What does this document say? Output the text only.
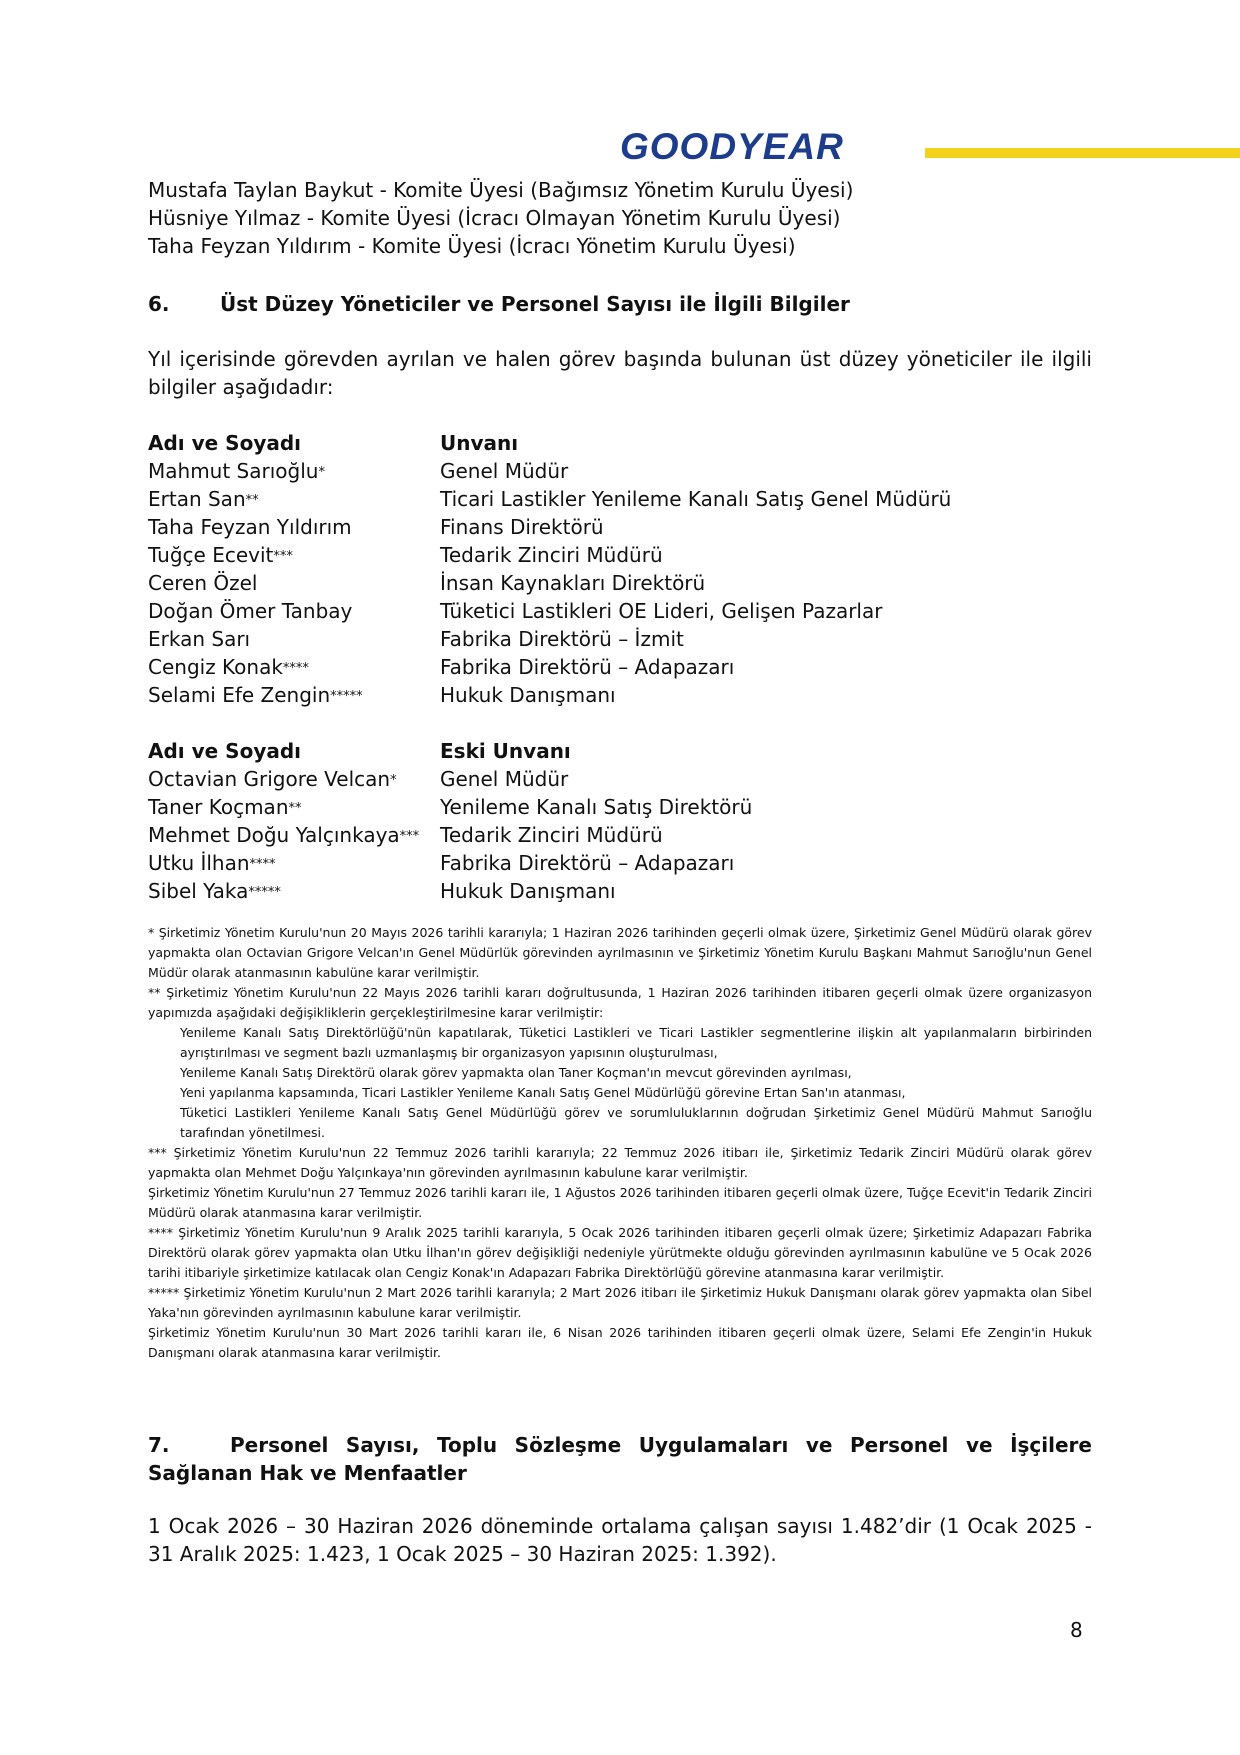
GOODYEAR
Mustafa Taylan Baykut - Komite Üyesi (Bağımsız Yönetim Kurulu Üyesi)
Hüsniye Yılmaz - Komite Üyesi (İcracı Olmayan Yönetim Kurulu Üyesi)
Taha Feyzan Yıldırım - Komite Üyesi (İcracı Yönetim Kurulu Üyesi)
6.	Üst Düzey Yöneticiler ve Personel Sayısı ile İlgili Bilgiler
Yıl içerisinde görevden ayrılan ve halen görev başında bulunan üst düzey yöneticiler ile ilgili bilgiler aşağıdadır:
Adı ve Soyadı	Unvanı
Mahmut Sarıoğlu*	Genel Müdür
Ertan San**	Ticari Lastikler Yenileme Kanalı Satış Genel Müdürü
Taha Feyzan Yıldırım	Finans Direktörü
Tuğçe Ecevit***	Tedarik Zinciri Müdürü
Ceren Özel	İnsan Kaynakları Direktörü
Doğan Ömer Tanbay	Tüketici Lastikleri OE Lideri, Gelişen Pazarlar
Erkan Sarı	Fabrika Direktörü – İzmit
Cengiz Konak****	Fabrika Direktörü – Adapazarı
Selami Efe Zengin*****	Hukuk Danışmanı
Adı ve Soyadı	Eski Unvanı
Octavian Grigore Velcan* Genel Müdür
Taner Koçman**	Yenileme Kanalı Satış Direktörü
Mehmet Doğu Yalçınkaya*** Tedarik Zinciri Müdürü
Utku İlhan****	Fabrika Direktörü – Adapazarı
Sibel Yaka*****	Hukuk Danışmanı

* Şirketimiz Yönetim Kurulu'nun 20 Mayıs 2026 tarihli kararıyla; 1 Haziran 2026 tarihinden geçerli olmak üzere, Şirketimiz Genel Müdürü olarak görev yapmakta olan Octavian Grigore Velcan'ın Genel Müdürlük görevinden ayrılmasının ve Şirketimiz Yönetim Kurulu Başkanı Mahmut Sarıoğlu'nun Genel Müdür olarak atanmasının kabulüne karar verilmiştir.

** Şirketimiz Yönetim Kurulu'nun 22 Mayıs 2026 tarihli kararı doğrultusunda, 1 Haziran 2026 tarihinden itibaren geçerli olmak üzere organizasyon yapımızda aşağıdaki değişikliklerin gerçekleştirilmesine karar verilmiştir:

Yenileme Kanalı Satış Direktörlüğü'nün kapatılarak, Tüketici Lastikleri ve Ticari Lastikler segmentlerine ilişkin alt yapılanmaların birbirinden ayrıştırılması ve segment bazlı uzmanlaşmış bir organizasyon yapısının oluşturulması,

Yenileme Kanalı Satış Direktörü olarak görev yapmakta olan Taner Koçman'ın mevcut görevinden ayrılması,

Yeni yapılanma kapsamında, Ticari Lastikler Yenileme Kanalı Satış Genel Müdürlüğü görevine Ertan San'ın atanması,

Tüketici Lastikleri Yenileme Kanalı Satış Genel Müdürlüğü görev ve sorumluluklarının doğrudan Şirketimiz Genel Müdürü Mahmut Sarıoğlu tarafından yönetilmesi.

*** Şirketimiz Yönetim Kurulu'nun 22 Temmuz 2026 tarihli kararıyla; 22 Temmuz 2026 itibarı ile, Şirketimiz Tedarik Zinciri Müdürü olarak görev yapmakta olan Mehmet Doğu Yalçınkaya'nın görevinden ayrılmasının kabulune karar verilmiştir.

Şirketimiz Yönetim Kurulu'nun 27 Temmuz 2026 tarihli kararı ile, 1 Ağustos 2026 tarihinden itibaren geçerli olmak üzere, Tuğçe Ecevit'in Tedarik Zinciri Müdürü olarak atanmasına karar verilmiştir.

**** Şirketimiz Yönetim Kurulu'nun 9 Aralık 2025 tarihli kararıyla, 5 Ocak 2026 tarihinden itibaren geçerli olmak üzere; Şirketimiz Adapazarı Fabrika Direktörü olarak görev yapmakta olan Utku İlhan'ın görev değişikliği nedeniyle yürütmekte olduğu görevinden ayrılmasının kabulüne ve 5 Ocak 2026 tarihi itibariyle şirketimize katılacak olan Cengiz Konak'ın Adapazarı Fabrika Direktörlüğü görevine atanmasına karar verilmiştir.

***** Şirketimiz Yönetim Kurulu'nun 2 Mart 2026 tarihli kararıyla; 2 Mart 2026 itibarı ile Şirketimiz Hukuk Danışmanı olarak görev yapmakta olan Sibel Yaka'nın görevinden ayrılmasının kabulune karar verilmiştir.

Şirketimiz Yönetim Kurulu'nun 30 Mart 2026 tarihli kararı ile, 6 Nisan 2026 tarihinden itibaren geçerli olmak üzere, Selami Efe Zengin'in Hukuk Danışmanı olarak atanmasına karar verilmiştir.

7.	Personel Sayısı, Toplu Sözleşme Uygulamaları ve Personel ve İşçilere Sağlanan Hak ve Menfaatler
1 Ocak 2026 – 30 Haziran 2026 döneminde ortalama çalışan sayısı 1.482’dir (1 Ocak 2025 - 31 Aralık 2025: 1.423, 1 Ocak 2025 – 30 Haziran 2025: 1.392).
8
